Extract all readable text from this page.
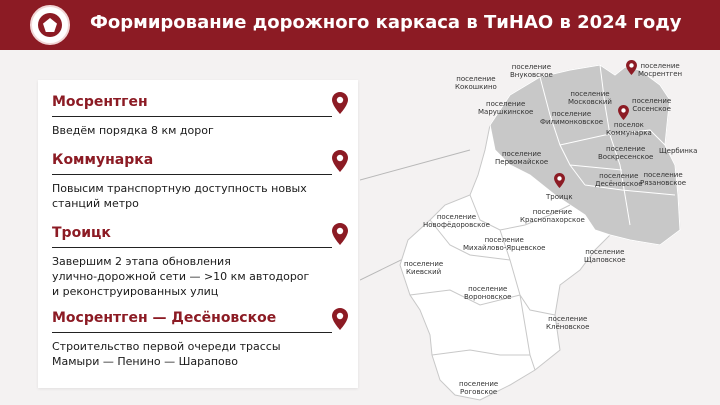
Формирование дорожного каркаса в ТиНАО в 2024 году
Мосрентген
Введём порядка 8 км дорог
Коммунарка
Повысим транспортную доступность новых
станций метро
Троицк
Завершим 2 этапа обновления
улично-дорожной сети — >10 км автодорог
и реконструированных улиц
Мосрентген — Десёновское
Строительство первой очереди трассы
Мамыри — Пенино — Шарапово
поселение
Внуковское
поселение
Кокошкино
поселение
Мосрентген
поселение
Московский
поселение
Марушкинское
поселение
Сосенское
поселение
Филимонковское	поселок
Коммунарка
поселение
Первомайское
поселение
Воскресенское
Щербинка
поселение
Десёновское
поселение
Рязановское
Троицк
поселение
Новофёдоровское
поселение
Краснопахорское
поселение
Михайлово-Ярцевское
поселение
Киевский
поселение
Щаповское
поселение
Вороновское
поселение
Клёновское
поселение
Роговское
